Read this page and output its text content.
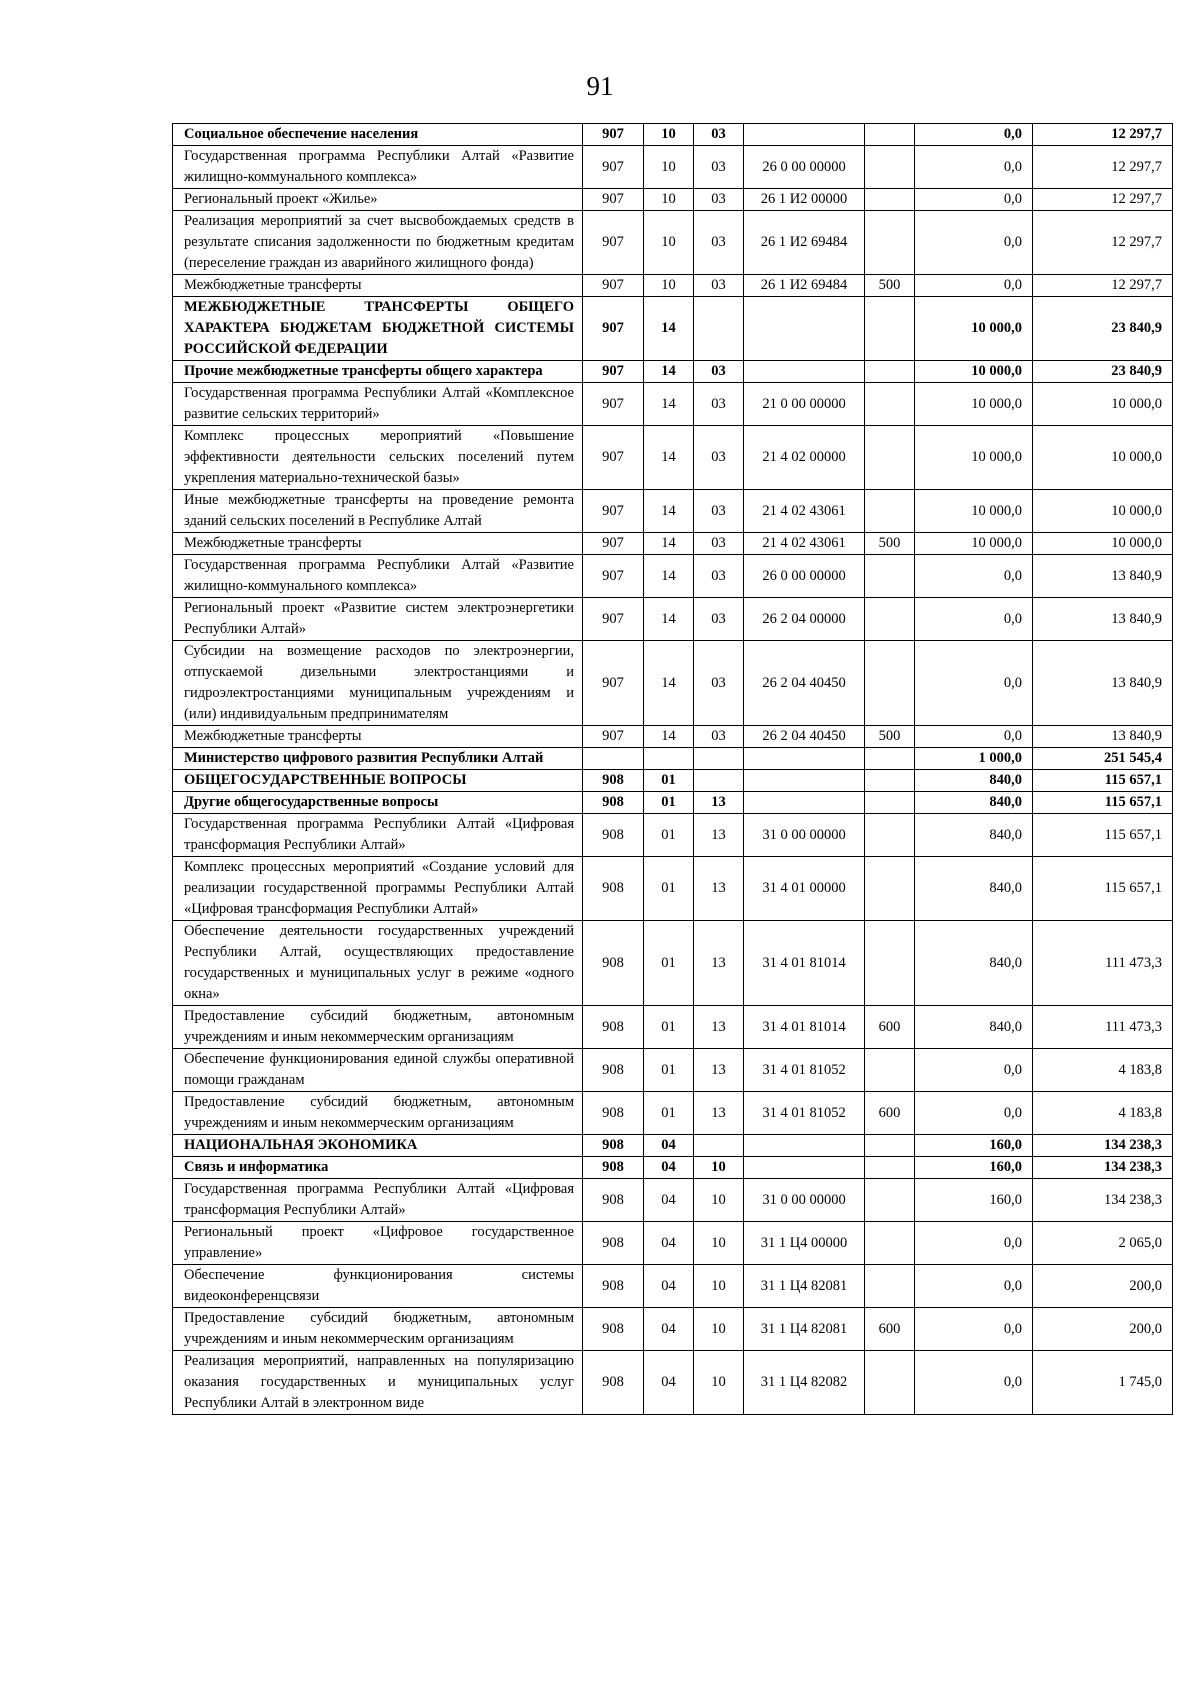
91
Социальное обеспечение населения	907	10	03			0,0	12 297,7
Государственная программа Республики Алтай «Развитие жилищно-коммунального комплекса»	907	10	03	26 0 00 00000		0,0	12 297,7
Региональный проект «Жилье»	907	10	03	26 1 И2 00000		0,0	12 297,7
Реализация мероприятий за счет высвобождаемых средств в результате списания задолженности по бюджетным кредитам (переселение граждан из аварийного жилищного фонда)	907	10	03	26 1 И2 69484		0,0	12 297,7
Межбюджетные трансферты	907	10	03	26 1 И2 69484	500	0,0	12 297,7
МЕЖБЮДЖЕТНЫЕ ТРАНСФЕРТЫ ОБЩЕГО ХАРАКТЕРА БЮДЖЕТАМ БЮДЖЕТНОЙ СИСТЕМЫ РОССИЙСКОЙ ФЕДЕРАЦИИ	907	14				10 000,0	23 840,9
Прочие межбюджетные трансферты общего характера	907	14	03			10 000,0	23 840,9
Государственная программа Республики Алтай «Комплексное развитие сельских территорий»	907	14	03	21 0 00 00000		10 000,0	10 000,0
Комплекс процессных мероприятий «Повышение эффективности деятельности сельских поселений путем укрепления материально-технической базы»	907	14	03	21 4 02 00000		10 000,0	10 000,0
Иные межбюджетные трансферты на проведение ремонта зданий сельских поселений в Республике Алтай	907	14	03	21 4 02 43061		10 000,0	10 000,0
Межбюджетные трансферты	907	14	03	21 4 02 43061	500	10 000,0	10 000,0
Государственная программа Республики Алтай «Развитие жилищно-коммунального комплекса»	907	14	03	26 0 00 00000		0,0	13 840,9
Региональный проект «Развитие систем электроэнергетики Республики Алтай»	907	14	03	26 2 04 00000		0,0	13 840,9
Субсидии на возмещение расходов по электроэнергии, отпускаемой дизельными электростанциями и гидроэлектростанциями муниципальным учреждениям и (или) индивидуальным предпринимателям	907	14	03	26 2 04 40450		0,0	13 840,9
Межбюджетные трансферты	907	14	03	26 2 04 40450	500	0,0	13 840,9
Министерство цифрового развития Республики Алтай						1 000,0	251 545,4
ОБЩЕГОСУДАРСТВЕННЫЕ ВОПРОСЫ	908	01				840,0	115 657,1
Другие общегосударственные вопросы	908	01	13			840,0	115 657,1
Государственная программа Республики Алтай «Цифровая трансформация Республики Алтай»	908	01	13	31 0 00 00000		840,0	115 657,1
Комплекс процессных мероприятий «Создание условий для реализации государственной программы Республики Алтай «Цифровая трансформация Республики Алтай»	908	01	13	31 4 01 00000		840,0	115 657,1
Обеспечение деятельности государственных учреждений Республики Алтай, осуществляющих предоставление государственных и муниципальных услуг в режиме «одного окна»	908	01	13	31 4 01 81014		840,0	111 473,3
Предоставление субсидий бюджетным, автономным учреждениям и иным некоммерческим организациям	908	01	13	31 4 01 81014	600	840,0	111 473,3
Обеспечение функционирования единой службы оперативной помощи гражданам	908	01	13	31 4 01 81052		0,0	4 183,8
Предоставление субсидий бюджетным, автономным учреждениям и иным некоммерческим организациям	908	01	13	31 4 01 81052	600	0,0	4 183,8
НАЦИОНАЛЬНАЯ ЭКОНОМИКА	908	04				160,0	134 238,3
Связь и информатика	908	04	10			160,0	134 238,3
Государственная программа Республики Алтай «Цифровая трансформация Республики Алтай»	908	04	10	31 0 00 00000		160,0	134 238,3
Региональный проект «Цифровое государственное управление»	908	04	10	31 1 Ц4 00000		0,0	2 065,0
Обеспечение функционирования системы видеоконференцсвязи	908	04	10	31 1 Ц4 82081		0,0	200,0
Предоставление субсидий бюджетным, автономным учреждениям и иным некоммерческим организациям	908	04	10	31 1 Ц4 82081	600	0,0	200,0
Реализация мероприятий, направленных на популяризацию оказания государственных и муниципальных услуг Республики Алтай в электронном виде	908	04	10	31 1 Ц4 82082		0,0	1 745,0
